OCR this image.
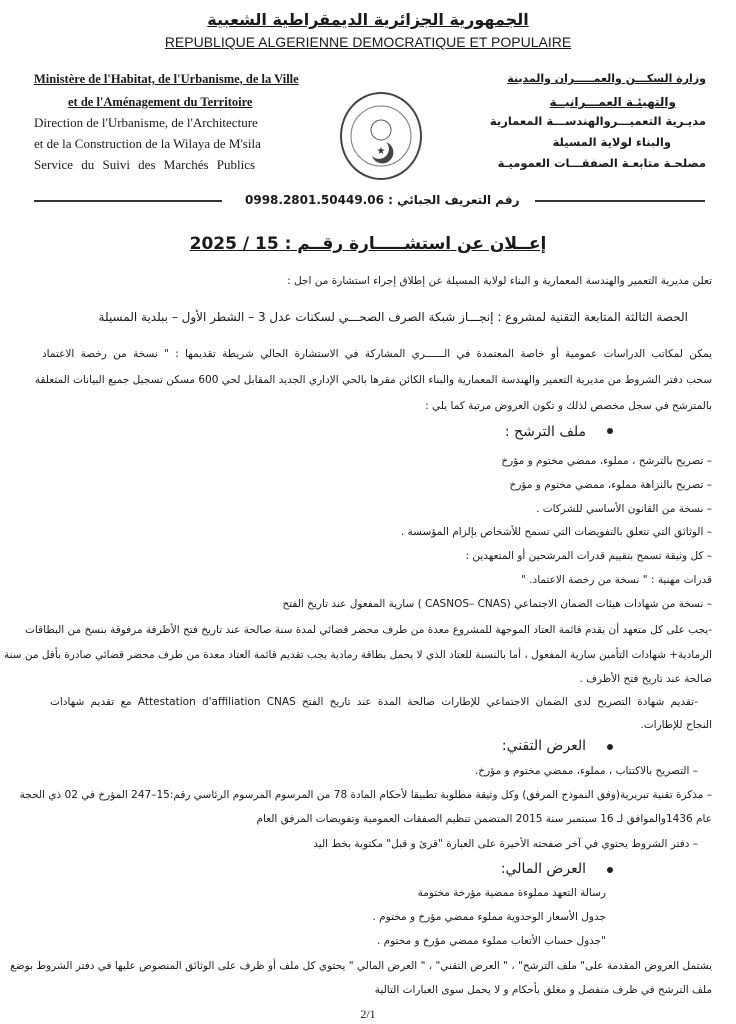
الجمهورية الجزائرية الديمقراطية الشعبية
REPUBLIQUE ALGERIENNE DEMOCRATIQUE ET POPULAIRE
Ministère de l'Habitat, de l'Urbanisme, de la Ville
et de l'Aménagement du Territoire
Direction de l'Urbanisme, de l'Architecture
et de la Construction de la Wilaya de M'sila
Service du Suivi des Marchés Publics
★
وزارة السكـــن والعمـــــران والمدينة
والتهيئـة العمـــرانيــة
مديـرية التعميـــروالهندســـة المعمارية
والبناء لولاية المسيلة
مصلحـة متابعـة الصفقـــات العموميـة
رقم التعريف الجبائي : 0998.2801.50449.06
إعــلان عن استشـــــارة رقــم : 15 / 2025
تعلن مديرية التعمير والهندسة المعمارية و البناء لولاية المسيلة عن إطلاق إجراء استشارة من اجل :
الحصة الثالثة المتابعة التقنية لمشروع : إنجـــاز شبكة الصرف الصحـــي لسكنات عدل 3 – الشطر الأول – ببلدية المسيلة
يمكن لمكاتب الدراسات عمومية أو خاصة المعتمدة في الــــــري المشاركة في الاستشارة الحالي شريطة تقديمها : " نسخة من رخصة الاعتماد
سحب دفتر الشروط من مديرية التعمير والهندسة المعمارية والبناء الكائن مقرها بالحي الإداري الجديد المقابل لحي 600 مسكن تسجيل جميع البيانات المتعلقة
بالمترشح في سجل مخصص لذلك و تكون العروض مرتبة كما يلي :
ملف الترشح :
– تصريح بالترشح ، مملوء، ممضي مختوم و مؤرخ
– تصريح بالنزاهة مملوء، ممضي مختوم و مؤرخ
– نسخة من القانون الأساسي للشركات .
– الوثائق التي تتعلق بالتفويضات التي تسمح للأشخاص بإلزام المؤسسة .
– كل وثيقة تسمح بتقييم قدرات المرشحين أو المتعهدين :
قدرات مهنية : " نسخة من رخصة الاعتماد. "
– نسخة من شهادات هيئات الضمان الاجتماعي (CASNOS– CNAS ) سارية المفعول عند تاريخ الفتح
-يجب على كل متعهد أن يقدم قائمة العتاد الموجهة للمشروع معدة من طرف محضر قضائي لمدة سنة صالحة عند تاريخ فتح الأظرفة مرفوقة بنسخ من البطاقات
الرمادية+ شهادات التأمين سارية المفعول ، أما بالنسبة للعتاد الذي لا يحمل بطاقة رمادية يجب تقديم قائمة العتاد معدة من طرف محضر قضائي صادرة بأقل من سنة
صالحة عند تاريخ فتح الأظرف .
-تقديم شهادة التصريح لدى الضمان الاجتماعي للإطارات صالحة المدة عند تاريخ الفتح Attestation d'affiliation CNAS مع تقديم شهادات
النجاح للإطارات.
العرض التقني:
– التصريح بالاكتتاب ، مملوء، ممضي مختوم و مؤرخ.
– مذكرة تقنية تبريرية(وفق النموذج المرفق) وكل وثيقة مطلوبة تطبيقا لأحكام المادة 78 من المرسوم المرسوم الرئاسي رقم:15–247 المؤرخ في 02 ذي الحجة
عام 1436والموافق لـ 16 سبتمبر سنة 2015 المتضمن تنظيم الصفقات العمومية وتفويضات المرفق العام
– دفتر الشروط يحتوي في آخر صفحته الأخيرة على العبارة "قرئ و قبل" مكتوبة بخط اليد
العرض المالي:
رسالة التعهد مملوءة ممضية مؤرخة مختومة
جدول الأسعار الوحدوية مملوء ممضي مؤرخ و مختوم .
"جدول حساب الأتعاب مملوء ممضي مؤرخ و مختوم .
يشتمل العروض المقدمة على" ملف الترشح" ، " العرض التقني" ، " العرض المالي " يحتوي كل ملف أو ظرف على الوثائق المنصوص عليها في دفتر الشروط بوضع
ملف الترشح في ظرف منفصل و مغلق بأحكام و لا يحمل سوى العبارات التالية
2/1
